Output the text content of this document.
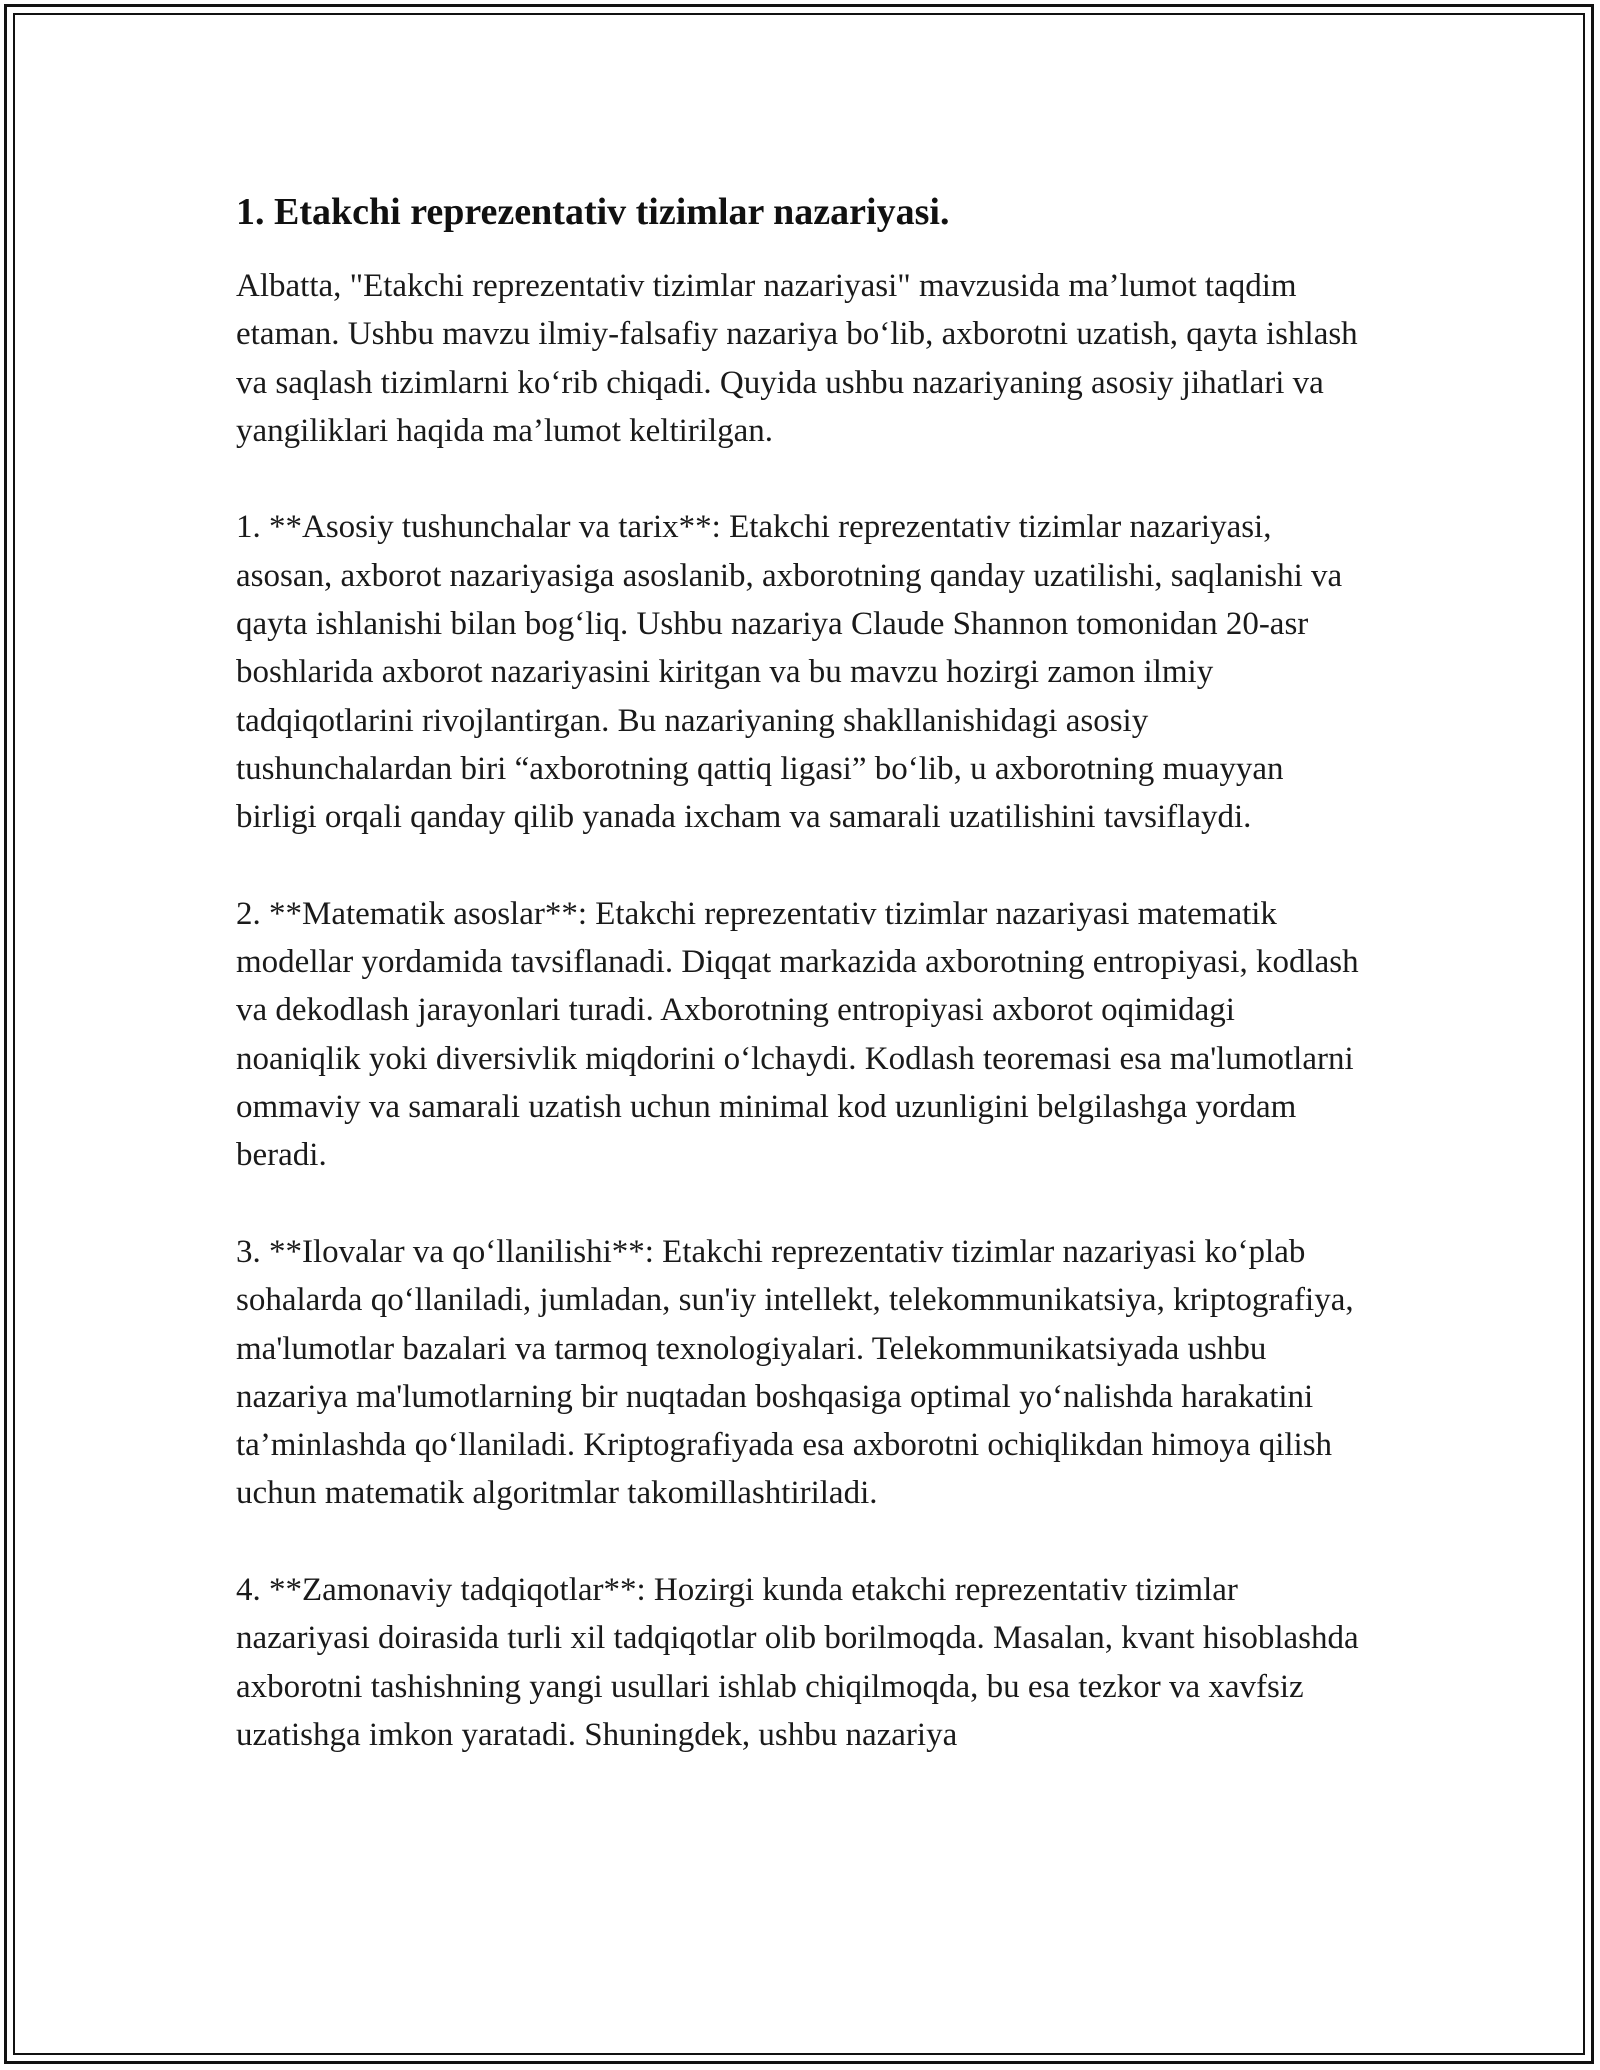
1. Etakchi reprezentativ tizimlar nazariyasi.

Albatta, "Etakchi reprezentativ tizimlar nazariyasi" mavzusida ma’lumot taqdim etaman. Ushbu mavzu ilmiy-falsafiy nazariya bo‘lib, axborotni uzatish, qayta ishlash va saqlash tizimlarni ko‘rib chiqadi. Quyida ushbu nazariyaning asosiy jihatlari va yangiliklari haqida ma’lumot keltirilgan.

1. **Asosiy tushunchalar va tarix**: Etakchi reprezentativ tizimlar nazariyasi, asosan, axborot nazariyasiga asoslanib, axborotning qanday uzatilishi, saqlanishi va qayta ishlanishi bilan bog‘liq. Ushbu nazariya Claude Shannon tomonidan 20-asr boshlarida axborot nazariyasini kiritgan va bu mavzu hozirgi zamon ilmiy tadqiqotlarini rivojlantirgan. Bu nazariyaning shakllanishidagi asosiy tushunchalardan biri “axborotning qattiq ligasi” bo‘lib, u axborotning muayyan birligi orqali qanday qilib yanada ixcham va samarali uzatilishini tavsiflaydi.

2. **Matematik asoslar**: Etakchi reprezentativ tizimlar nazariyasi matematik modellar yordamida tavsiflanadi. Diqqat markazida axborotning entropiyasi, kodlash va dekodlash jarayonlari turadi. Axborotning entropiyasi axborot oqimidagi noaniqlik yoki diversivlik miqdorini o‘lchaydi. Kodlash teoremasi esa ma'lumotlarni ommaviy va samarali uzatish uchun minimal kod uzunligini belgilashga yordam beradi.

3. **Ilovalar va qo‘llanilishi**: Etakchi reprezentativ tizimlar nazariyasi ko‘plab sohalarda qo‘llaniladi, jumladan, sun'iy intellekt, telekommunikatsiya, kriptografiya, ma'lumotlar bazalari va tarmoq texnologiyalari. Telekommunikatsiyada ushbu nazariya ma'lumotlarning bir nuqtadan boshqasiga optimal yo‘nalishda harakatini ta’minlashda qo‘llaniladi. Kriptografiyada esa axborotni ochiqlikdan himoya qilish uchun matematik algoritmlar takomillashtiriladi.

4. **Zamonaviy tadqiqotlar**: Hozirgi kunda etakchi reprezentativ tizimlar nazariyasi doirasida turli xil tadqiqotlar olib borilmoqda. Masalan, kvant hisoblashda axborotni tashishning yangi usullari ishlab chiqilmoqda, bu esa tezkor va xavfsiz uzatishga imkon yaratadi. Shuningdek, ushbu nazariya
